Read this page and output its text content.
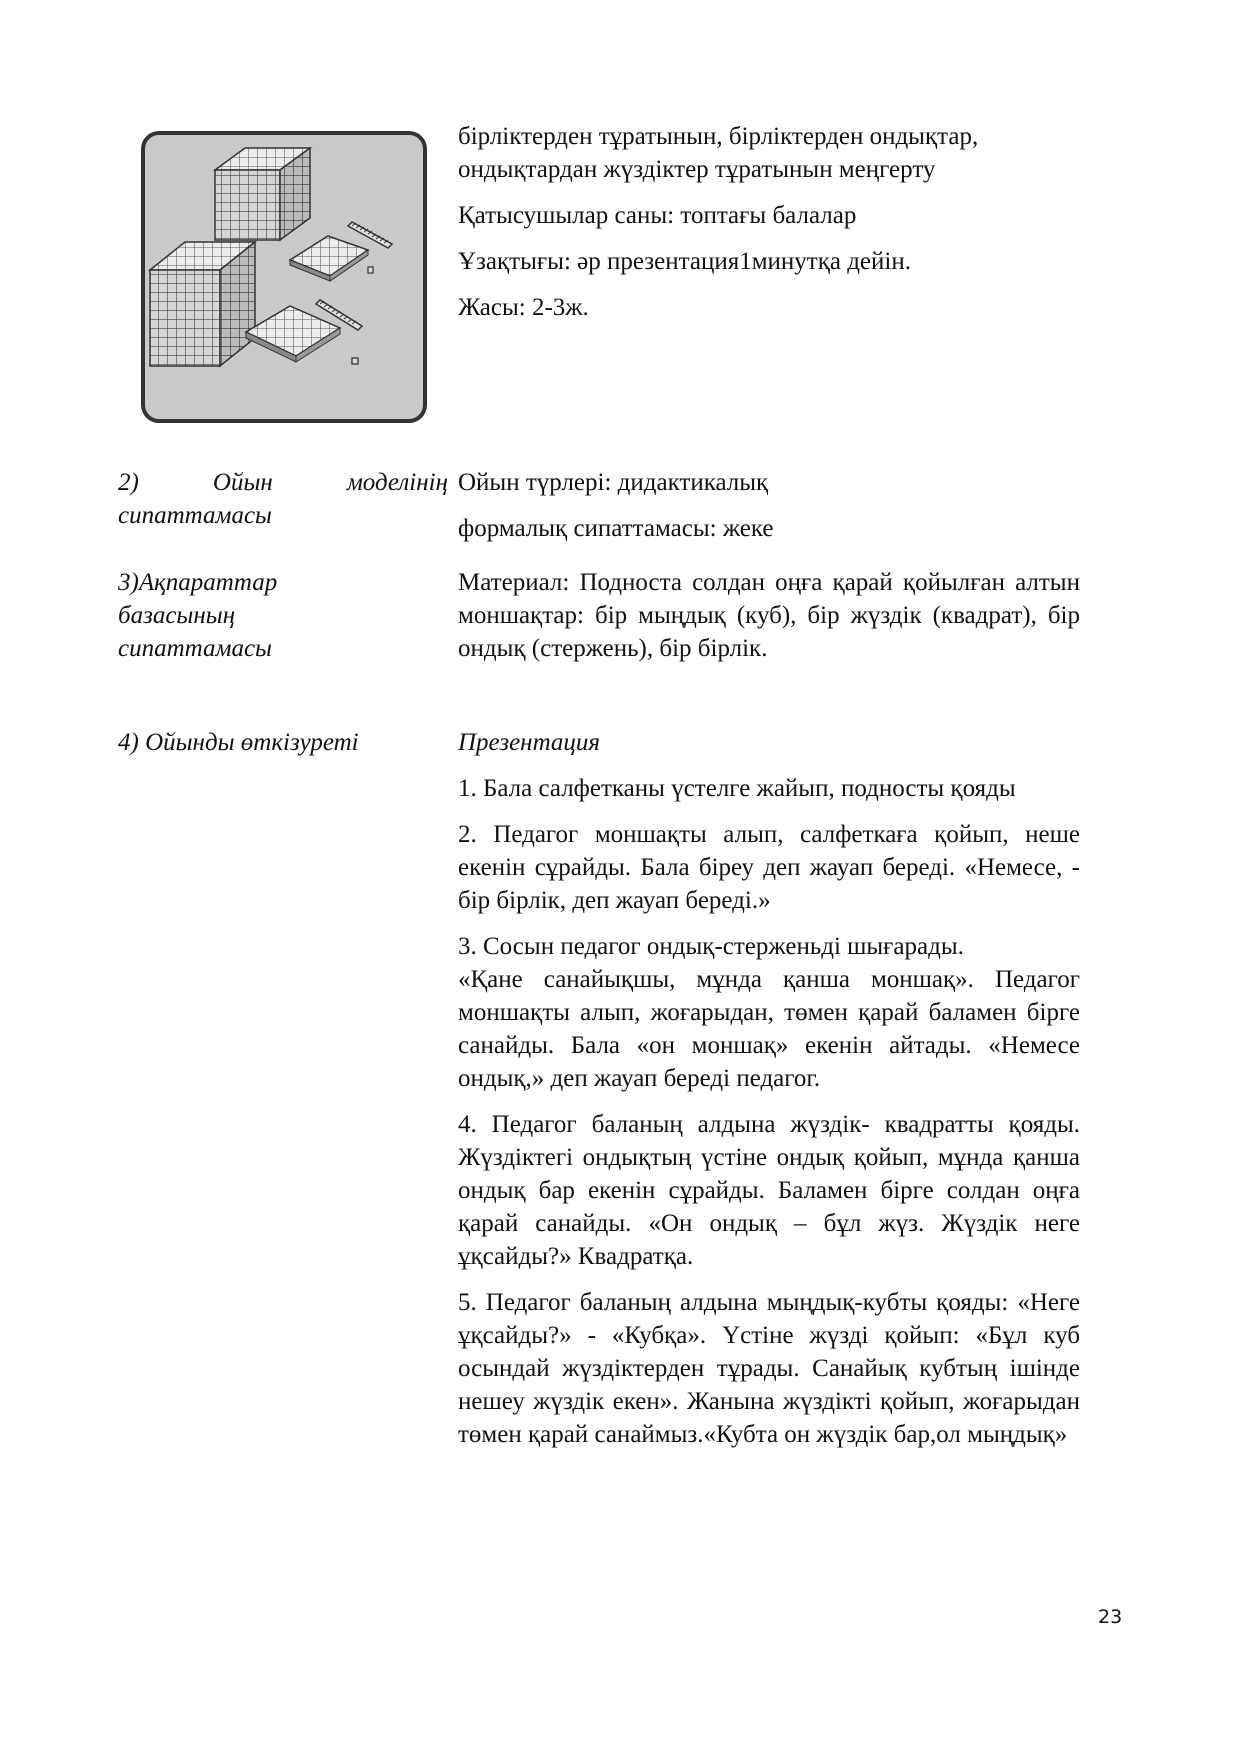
бірліктерден тұратынын, бірліктерден ондықтар,
ондықтардан жүздіктер тұратынын меңгерту

Қатысушылар саны: топтағы балалар

Ұзақтығы: әр презентация1минутқа дейін.

Жасы: 2-3ж.

2) Ойын моделінің сипаттамасы

Ойын түрлері: дидактикалық

формалық сипаттамасы: жеке

3)Ақпараттар базасының сипаттамасы

Материал: Подноста солдан оңға қарай қойылған алтын моншақтар: бір мыңдық (куб), бір жүздік (квадрат), бір ондық (стержень), бір бірлік.

4) Ойынды өткізуреті	Презентация

1. Бала салфетканы үстелге жайып, подносты қояды

2. Педагог моншақты алып, салфеткаға қойып, неше екенін сұрайды. Бала біреу деп жауап береді. «Немесе, - бір бірлік, деп жауап береді.»

3. Сосын педагог ондық-стерженьді шығарады.

«Қане санайықшы, мұнда қанша моншақ». Педагог моншақты алып, жоғарыдан, төмен қарай баламен бірге санайды. Бала «он моншақ» екенін айтады. «Немесе ондық,» деп жауап береді педагог.

4. Педагог баланың алдына жүздік- квадратты қояды. Жүздіктегі ондықтың үстіне ондық қойып, мұнда қанша ондық бар екенін сұрайды. Баламен бірге солдан оңға қарай санайды. «Он ондық – бұл жүз. Жүздік неге ұқсайды?» Квадратқа.

5. Педагог баланың алдына мыңдық-кубты қояды: «Неге ұқсайды?» - «Кубқа». Үстіне жүзді қойып: «Бұл куб осындай жүздіктерден тұрады. Санайық кубтың ішінде нешеу жүздік екен». Жанына жүздікті қойып, жоғарыдан төмен қарай санаймыз.«Кубта он жүздік бар,ол мыңдық»

23
